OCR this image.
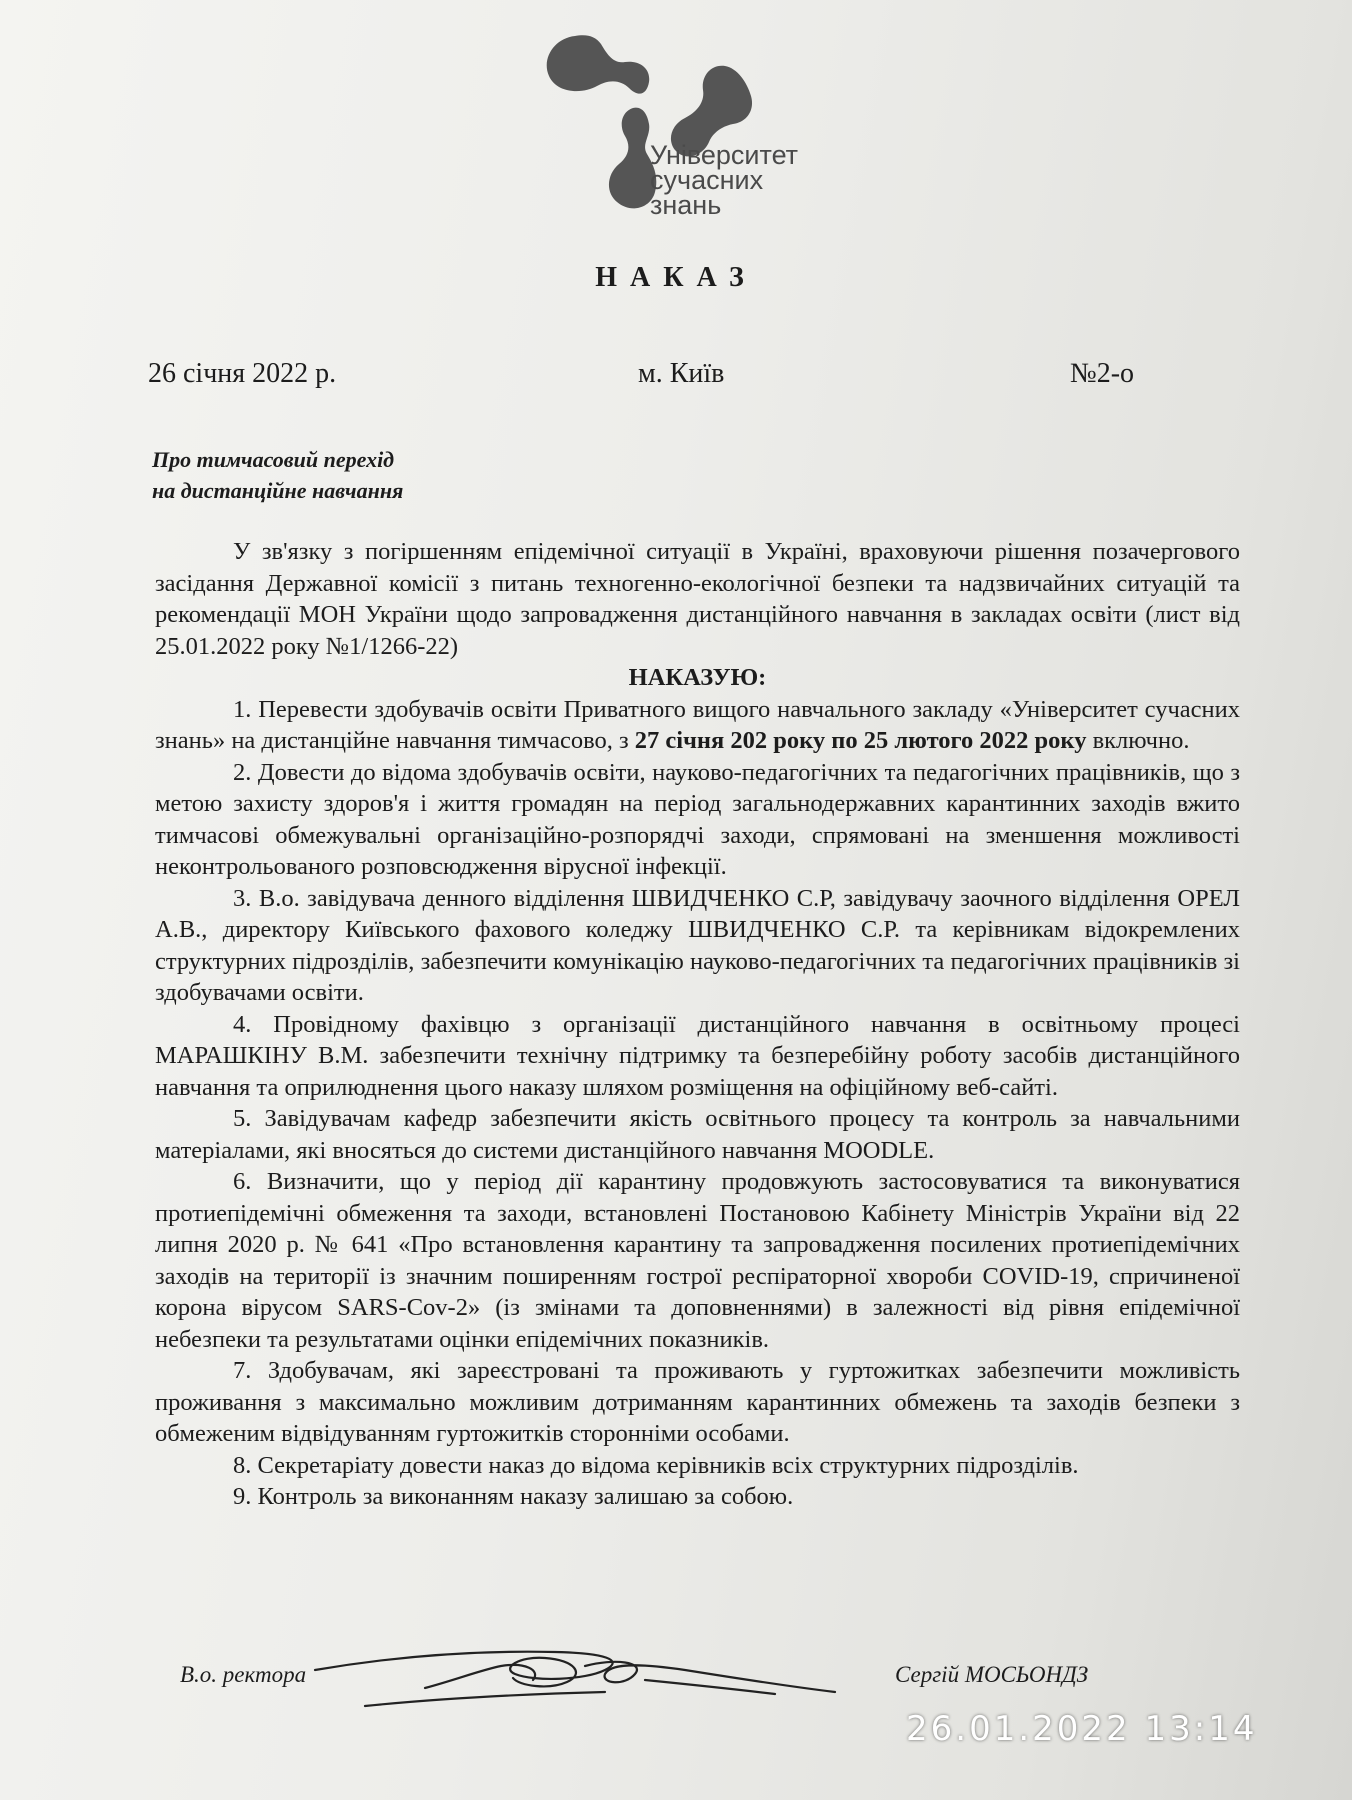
Університет
сучасних
знань
НАКАЗ
26 січня 2022 р.	м. Київ	№2-о
Про тимчасовий перехід
на дистанційне навчання

У зв'язку з погіршенням епідемічної ситуації в Україні, враховуючи рішення позачергового засідання Державної комісії з питань техногенно-екологічної безпеки та надзвичайних ситуацій та рекомендації МОН України щодо запровадження дистанційного навчання в закладах освіти (лист від 25.01.2022 року №1/1266-22)

НАКАЗУЮ:

1. Перевести здобувачів освіти Приватного вищого навчального закладу «Університет сучасних знань» на дистанційне навчання тимчасово, з 27 січня 202 року по 25 лютого 2022 року включно.

2. Довести до відома здобувачів освіти, науково-педагогічних та педагогічних працівників, що з метою захисту здоров'я і життя громадян на період загальнодержавних карантинних заходів вжито тимчасові обмежувальні організаційно-розпорядчі заходи, спрямовані на зменшення можливості неконтрольованого розповсюдження вірусної інфекції.

3. В.о. завідувача денного відділення ШВИДЧЕНКО С.Р, завідувачу заочного відділення ОРЕЛ А.В., директору Київського фахового коледжу ШВИДЧЕНКО С.Р. та керівникам відокремлених структурних підрозділів, забезпечити комунікацію науково-педагогічних та педагогічних працівників зі здобувачами освіти.

4. Провідному фахівцю з організації дистанційного навчання в освітньому процесі МАРАШКІНУ В.М. забезпечити технічну підтримку та безперебійну роботу засобів дистанційного навчання та оприлюднення цього наказу шляхом розміщення на офіційному веб-сайті.

5. Завідувачам кафедр забезпечити якість освітнього процесу та контроль за навчальними матеріалами, які вносяться до системи дистанційного навчання MOODLE.

6. Визначити, що у період дії карантину продовжують застосовуватися та виконуватися протиепідемічні обмеження та заходи, встановлені Постановою Кабінету Міністрів України від 22 липня 2020 р. № 641 «Про встановлення карантину та запровадження посилених протиепідемічних заходів на території із значним поширенням гострої респіраторної хвороби COVID-19, спричиненої корона вірусом SARS-Cov-2» (із змінами та доповненнями) в залежності від рівня епідемічної небезпеки та результатами оцінки епідемічних показників.

7. Здобувачам, які зареєстровані та проживають у гуртожитках забезпечити можливість проживання з максимально можливим дотриманням карантинних обмежень та заходів безпеки з обмеженим відвідуванням гуртожитків сторонніми особами.

8. Секретаріату довести наказ до відома керівників всіх структурних підрозділів.

9. Контроль за виконанням наказу залишаю за собою.

В.о. ректора	Сергій МОСЬОНДЗ
26.01.2022 13:14
